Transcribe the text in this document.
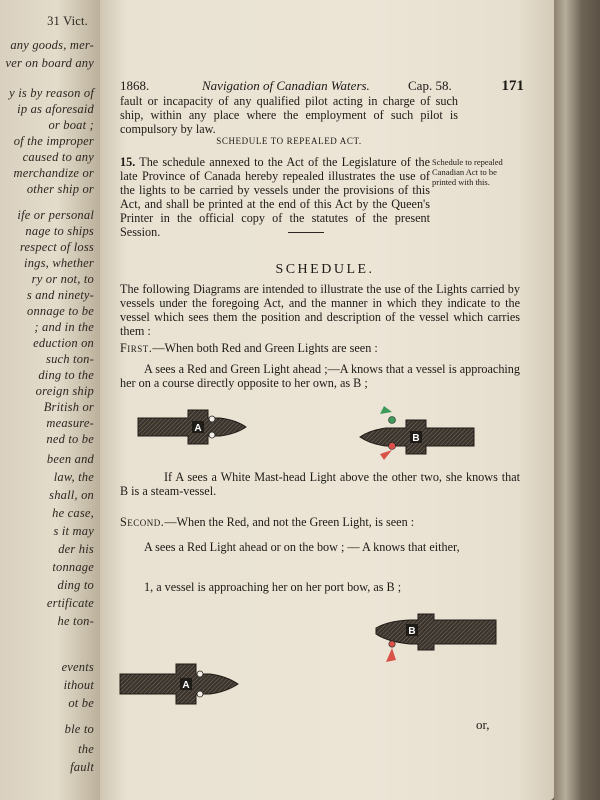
31 Vict.
any goods, mer-
ver on board any
y is by reason of
ip as aforesaid
or boat ;
of the improper
caused to any
merchandize or
other ship or
ife or personal
nage to ships
respect of loss
ings, whether
ry or not, to
s and ninety-
onnage to be
; and in the
eduction on
such ton-
ding to the
oreign ship
British or
measure-
ned to be
been and
law, the
shall, on
he case,
s it may
der his
tonnage
ding to
ertificate
he ton-
events
ithout
ot be
ble to
the
fault
1868.	Navigation of Canadian Waters.	Cap. 58.	171
fault or incapacity of any qualified pilot acting in charge of such ship, within any place where the employment of such pilot is compulsory by law.
SCHEDULE TO REPEALED ACT.
15. The schedule annexed to the Act of the Legislature of the late Province of Canada hereby repealed illustrates the use of the lights to be carried by vessels under the provisions of this Act, and shall be printed at the end of this Act by the Queen's Printer in the official copy of the statutes of the present Session.
Schedule to repealed Canadian Act to be printed with this.
SCHEDULE.
The following Diagrams are intended to illustrate the use of the Lights carried by vessels under the foregoing Act, and the manner in which they indicate to the vessel which sees them the position and description of the vessel which carries them :
First.—When both Red and Green Lights are seen :
A sees a Red and Green Light ahead ;—A knows that a vessel is approaching her on a course directly opposite to her own, as B ;
A
B
If A sees a White Mast-head Light above the other two, she knows that B is a steam-vessel.
Second.—When the Red, and not the Green Light, is seen :
A sees a Red Light ahead or on the bow ; — A knows that either,
1, a vessel is approaching her on her port bow, as B ;
B
A
or,
